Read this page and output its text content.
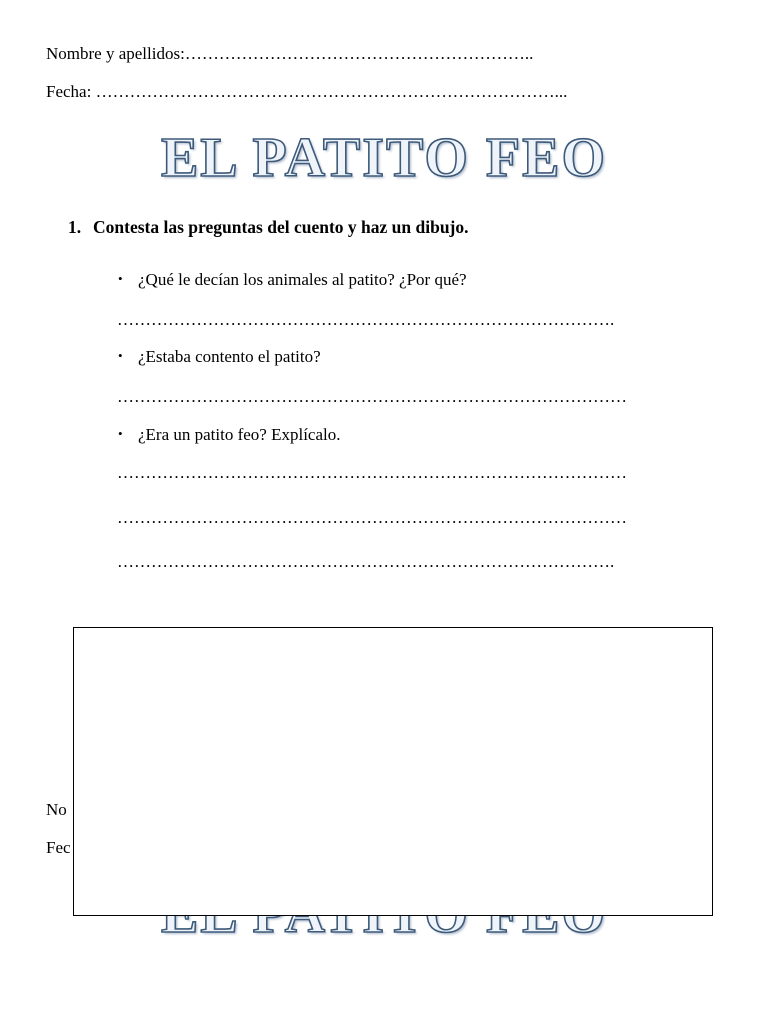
Nombre y apellidos:……………………………………………………..
Fecha: ………………………………………………………………………...
EL PATITO FEO
1. Contesta las preguntas del cuento y haz un dibujo.
• ¿Qué le decían los animales al patito? ¿Por qué?
…………………………………………………………………………….
• ¿Estaba contento el patito?
………………………………………………………………………………
• ¿Era un patito feo? Explícalo.
………………………………………………………………………………
………………………………………………………………………………
…………………………………………………………………………….
No
Fec
